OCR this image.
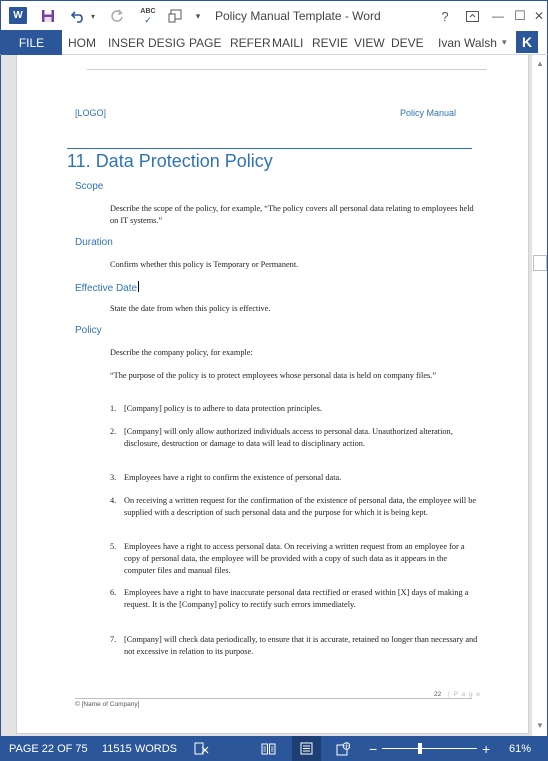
W	▾
ABC
✓	▾	Policy Manual Template - Word	?	— ☐ ✕
FILE	HOM INSER DESIG PAGE REFER MAILI REVIE VIEW DEVE Ivan Walsh ▾	K
[LOGO]	Policy Manual
11. Data Protection Policy
Scope
Describe the scope of the policy, for example, “The policy covers all personal data relating to employees held on IT systems.”
Duration
Confirm whether this policy is Temporary or Permanent.
Effective Date
State the date from when this policy is effective.
Policy
Describe the company policy, for example:
“The purpose of the policy is to protect employees whose personal data is held on company files.”
1. [Company] policy is to adhere to data protection principles.
2. [Company] will only allow authorized individuals access to personal data. Unauthorized alteration, disclosure, destruction or damage to data will lead to disciplinary action.
3. Employees have a right to confirm the existence of personal data.
4. On receiving a written request for the confirmation of the existence of personal data, the employee will be supplied with a description of such personal data and the purpose for which it is being kept.
5. Employees have a right to access personal data. On receiving a written request from an employee for a copy of personal data, the employee will be provided with a copy of such data as it appears in the computer files and manual files.
6. Employees have a right to have inaccurate personal data rectified or erased within [X] days of making a request. It is the [Company] policy to rectify such errors immediately.
7. [Company] will check data periodically, to ensure that it is accurate, retained no longer than necessary and not excessive in relation to its purpose.
22 | P a g e
© [Name of Company]
▲
▼
PAGE 22 OF 75 11515 WORDS	−	+ 61%
